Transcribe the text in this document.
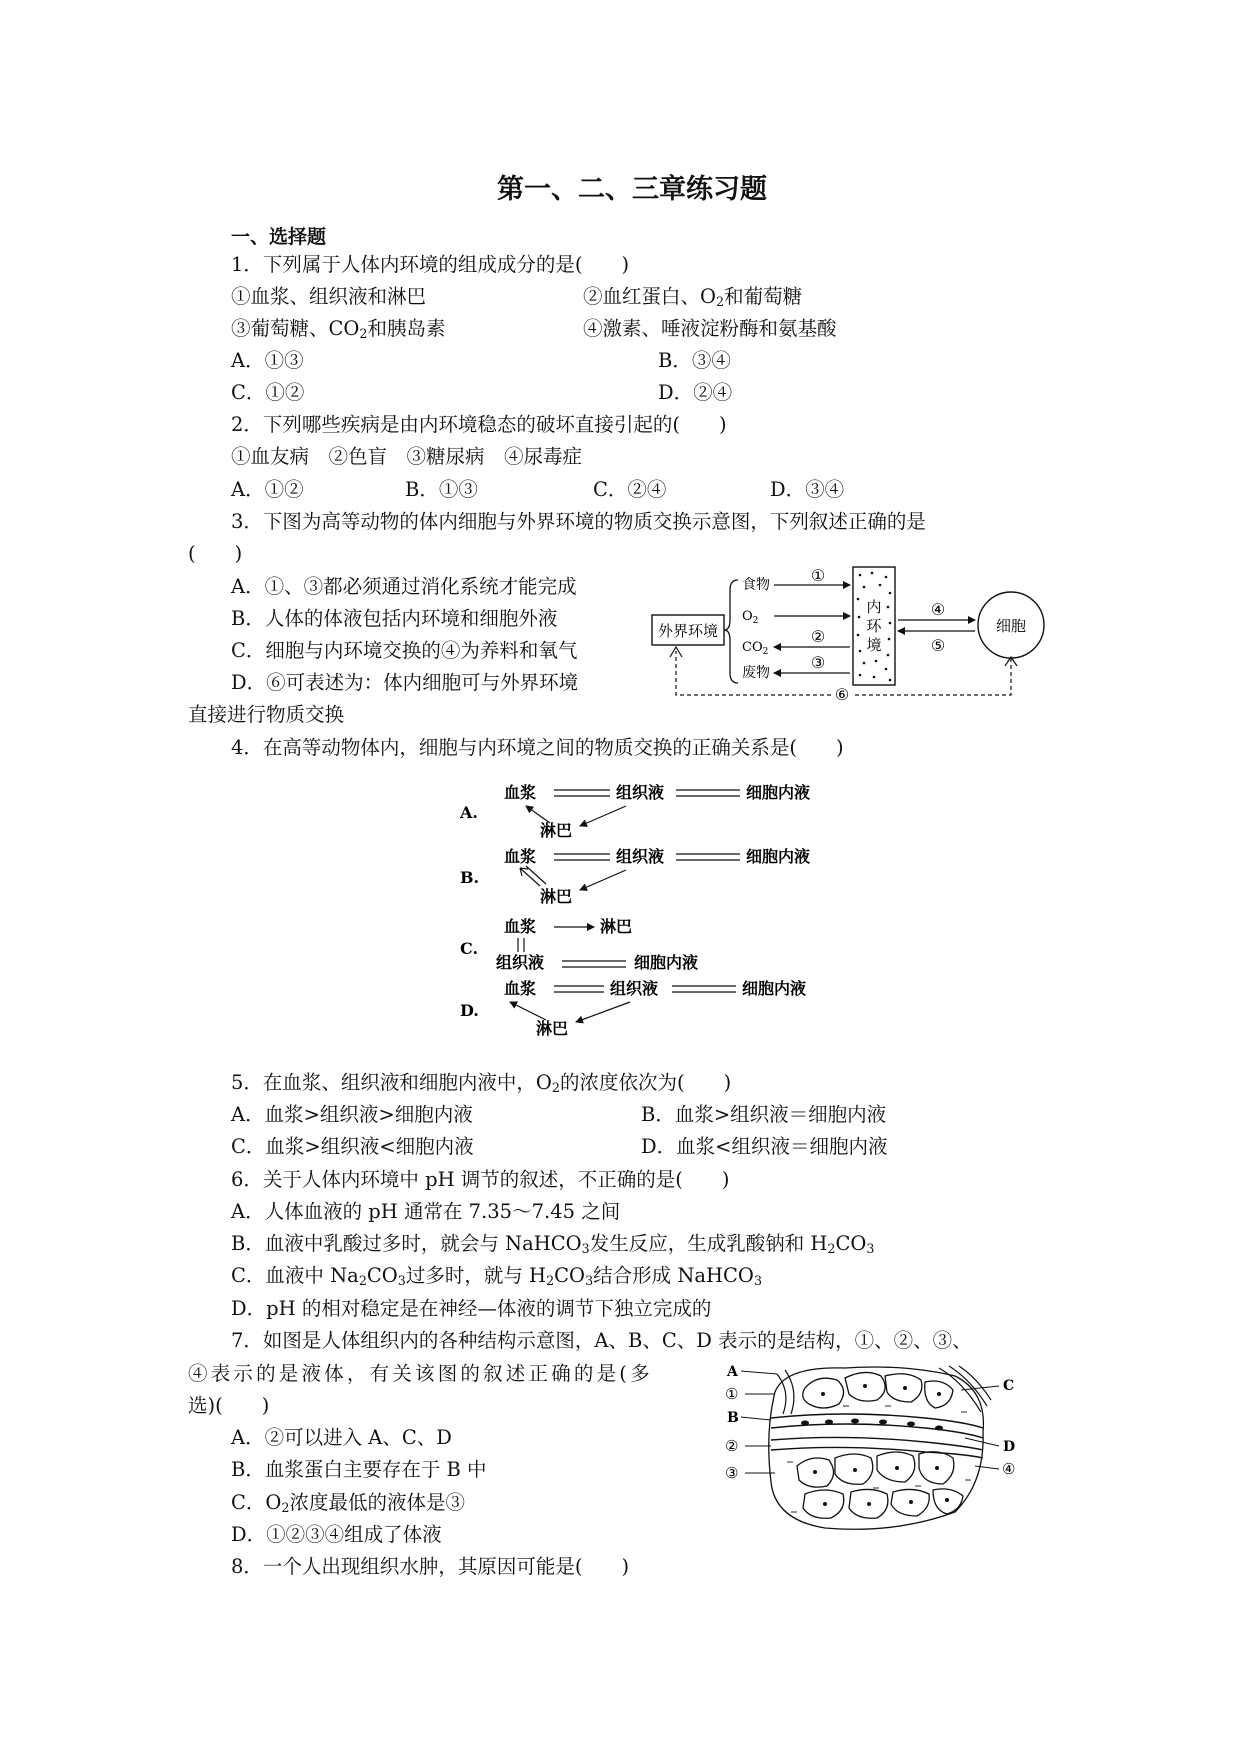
第一、二、三章练习题
一、选择题
1．下列属于人体内环境的组成成分的是(　　)
①血浆、组织液和淋巴	②血红蛋白、$O_2$和葡萄糖
③葡萄糖、$CO_2$和胰岛素	④激素、唾液淀粉酶和氨基酸
A．①③	B．③④
C．①②	D．②④
2．下列哪些疾病是由内环境稳态的破坏直接引起的(　　)
①血友病　②色盲　③糖尿病　④尿毒症
A．①②	B．①③	C．②④	D．③④
3．下图为高等动物的体内细胞与外界环境的物质交换示意图，下列叙述正确的是
(　　)
A．①、③都必须通过消化系统才能完成
B．人体的体液包括内环境和细胞外液
C．细胞与内环境交换的④为养料和氧气
D．⑥可表述为：体内细胞可与外界环境
直接进行物质交换
外界环境
食物
$O_2$
$CO_2$
废物
①
②
③
内
环
境
④
⑤
细胞
⑥
4．在高等动物体内，细胞与内环境之间的物质交换的正确关系是(　　)
A.
血浆	组织液	细胞内液
淋巴
B.
血浆	组织液	细胞内液
淋巴
C.
血浆	淋巴
组织液	细胞内液
D.
血浆	组织液	细胞内液
淋巴
5．在血浆、组织液和细胞内液中，$O_2$的浓度依次为(　　)
A．血浆>组织液>细胞内液	B．血浆>组织液＝细胞内液
C．血浆>组织液<细胞内液	D．血浆<组织液＝细胞内液
6．关于人体内环境中 pH 调节的叙述，不正确的是(　　)
A．人体血液的 pH 通常在 7.35～7.45 之间
B．血液中乳酸过多时，就会与 NaHCO$_3$发生反应，生成乳酸钠和 $H_2CO_3$
C．血液中 $Na_2CO_3$过多时，就与 $H_2CO_3$结合形成 NaHCO$_3$
D．pH 的相对稳定是在神经—体液的调节下独立完成的
7．如图是人体组织内的各种结构示意图，A、B、C、D 表示的是结构，①、②、③、
④表示的是液体，有关该图的叙述正确的是(多
选)(　　)
A．②可以进入 A、C、D
B．血浆蛋白主要存在于 B 中
C．$O_2$浓度最低的液体是③
D．①②③④组成了体液
A
C
B
D
①
②
③	④
8．一个人出现组织水肿，其原因可能是(　　)
